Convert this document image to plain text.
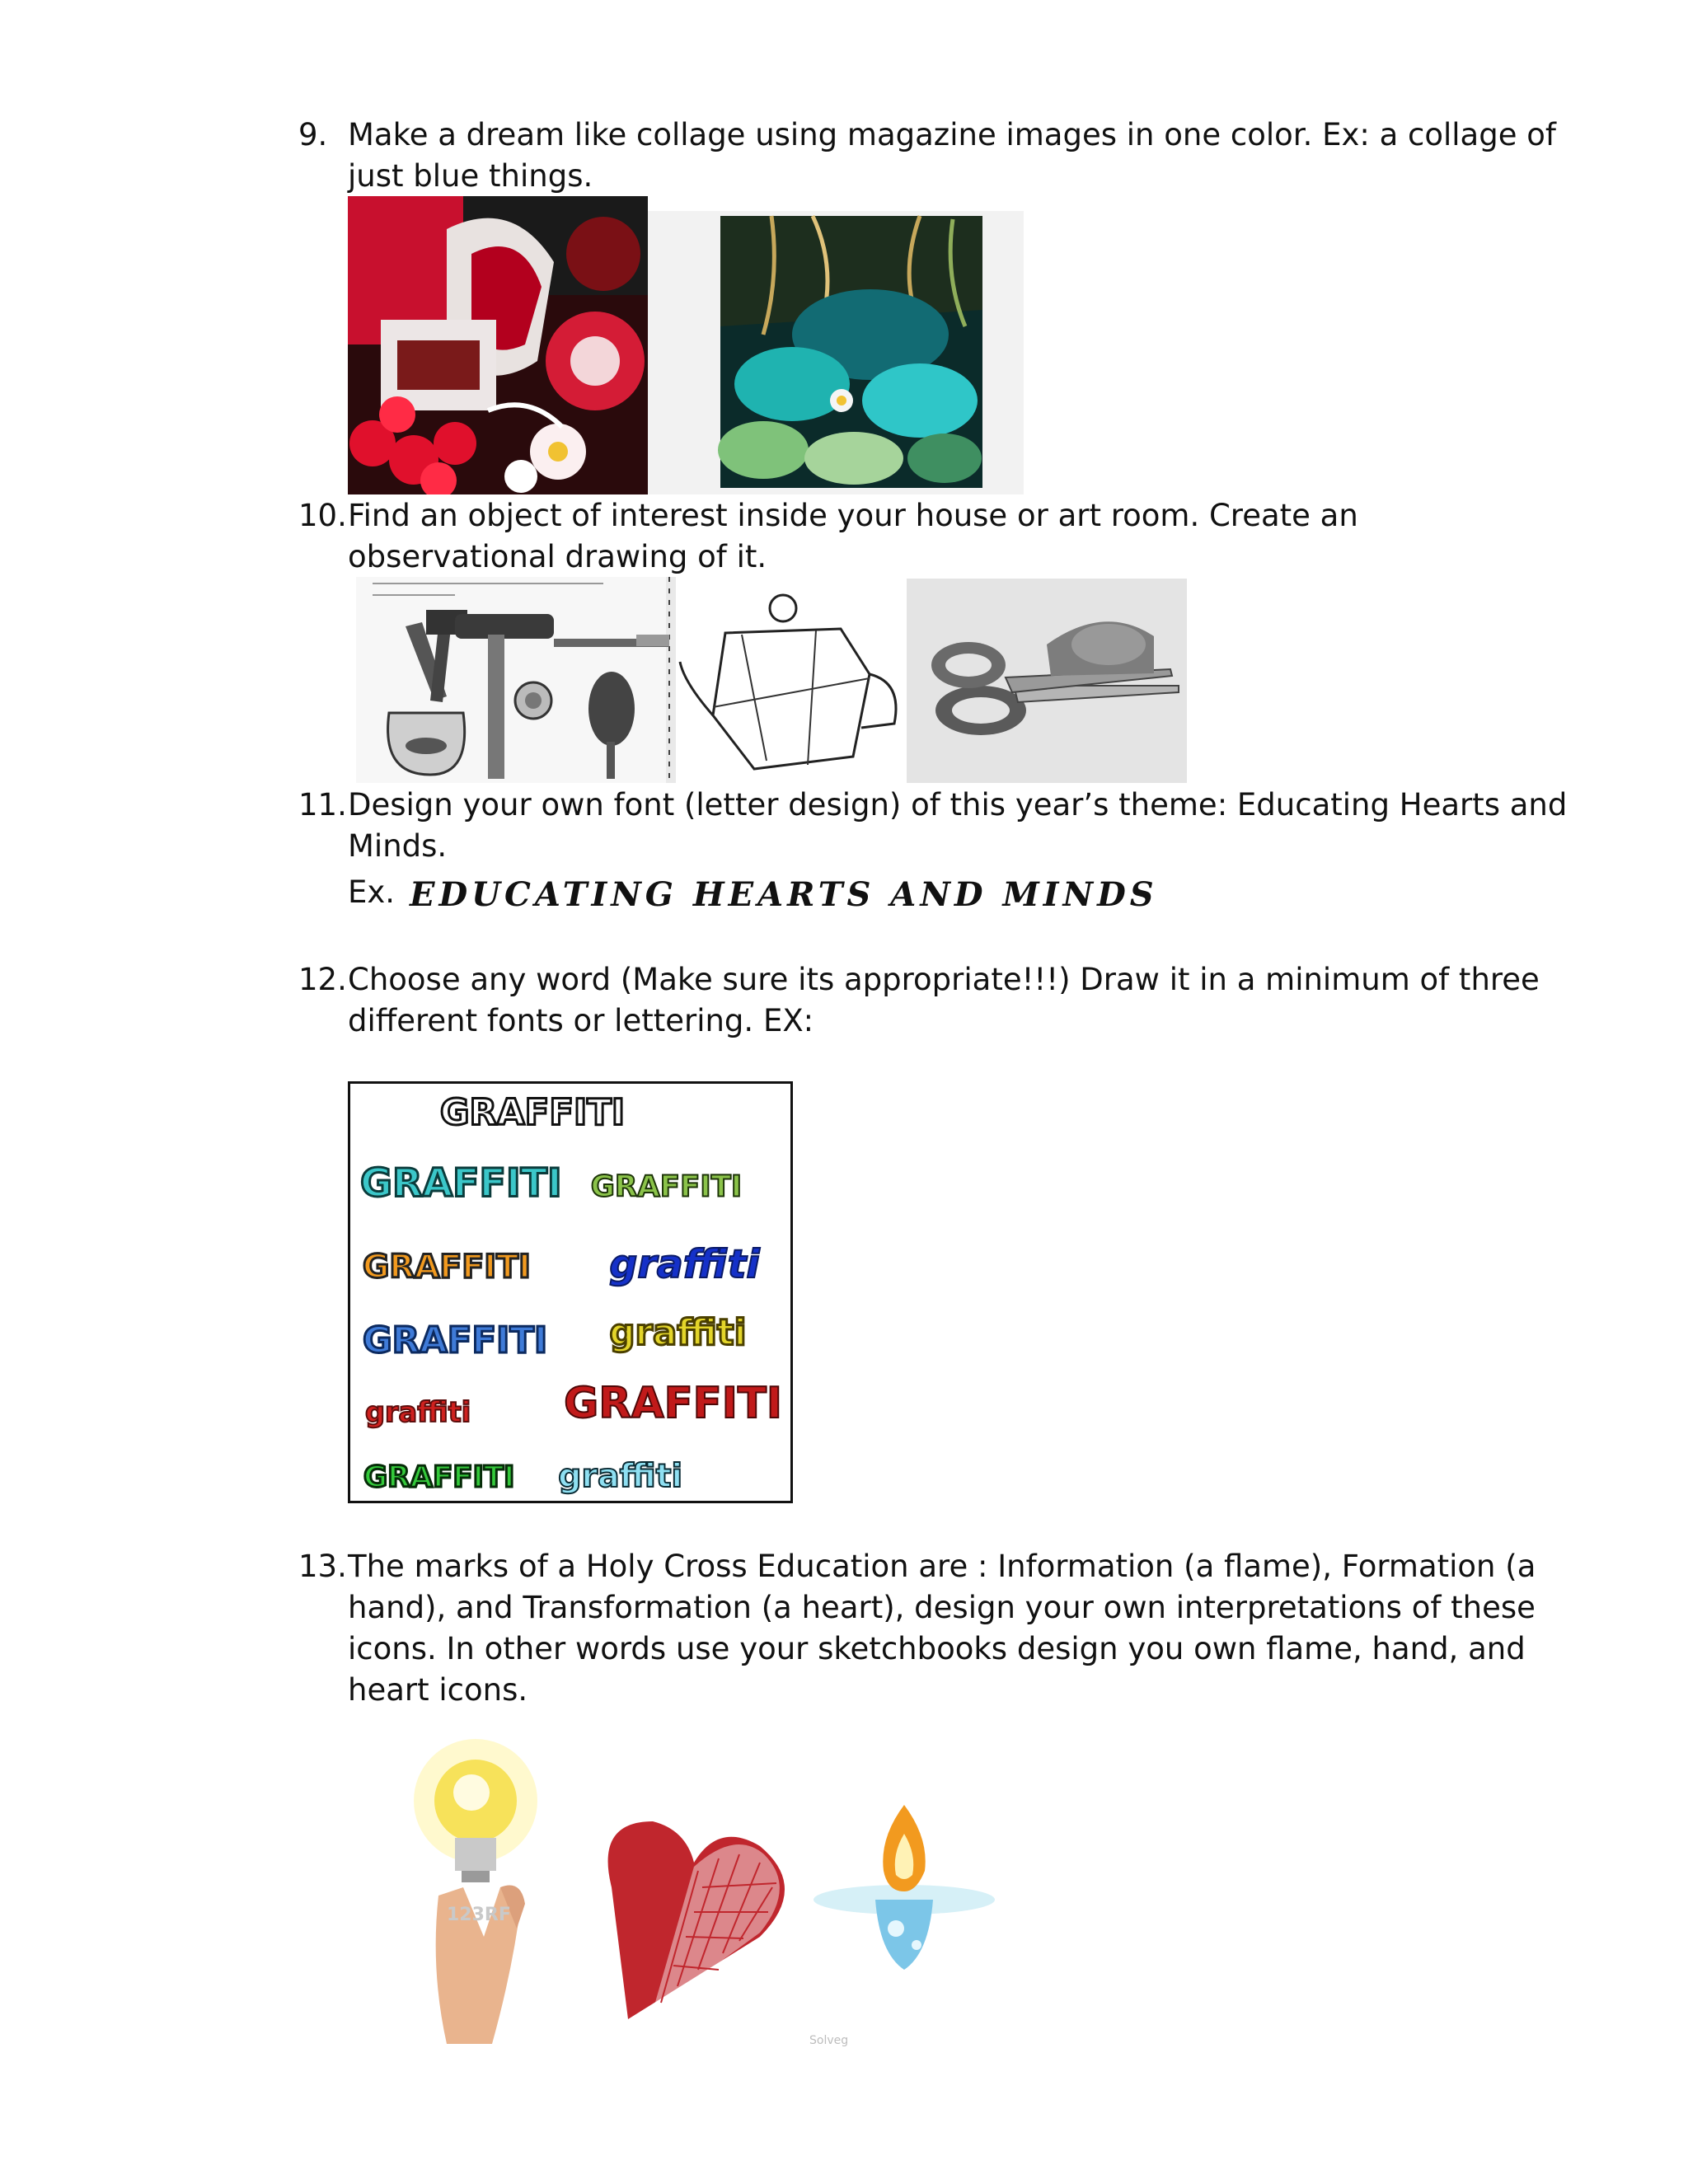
9. Make a dream like collage using magazine images in one color. Ex: a collage of
just blue things.
10. Find an object of interest inside your house or art room. Create an
observational drawing of it.
11. Design your own font (letter design) of this year’s theme: Educating Hearts and
Minds.
Ex. EDUCATING HEARTS AND MINDS
12. Choose any word (Make sure its appropriate!!!) Draw it in a minimum of three
different fonts or lettering. EX:
GRAFFITI
GRAFFITI GRAFFITI
GRAFFITI graffiti
GRAFFITI graffiti
graffiti GRAFFITI
GRAFFITI graffiti
13. The marks of a Holy Cross Education are : Information (a flame), Formation (a
hand), and Transformation (a heart), design your own interpretations of these
icons. In other words use your sketchbooks design you own flame, hand, and
heart icons.
123RF
Solveg
